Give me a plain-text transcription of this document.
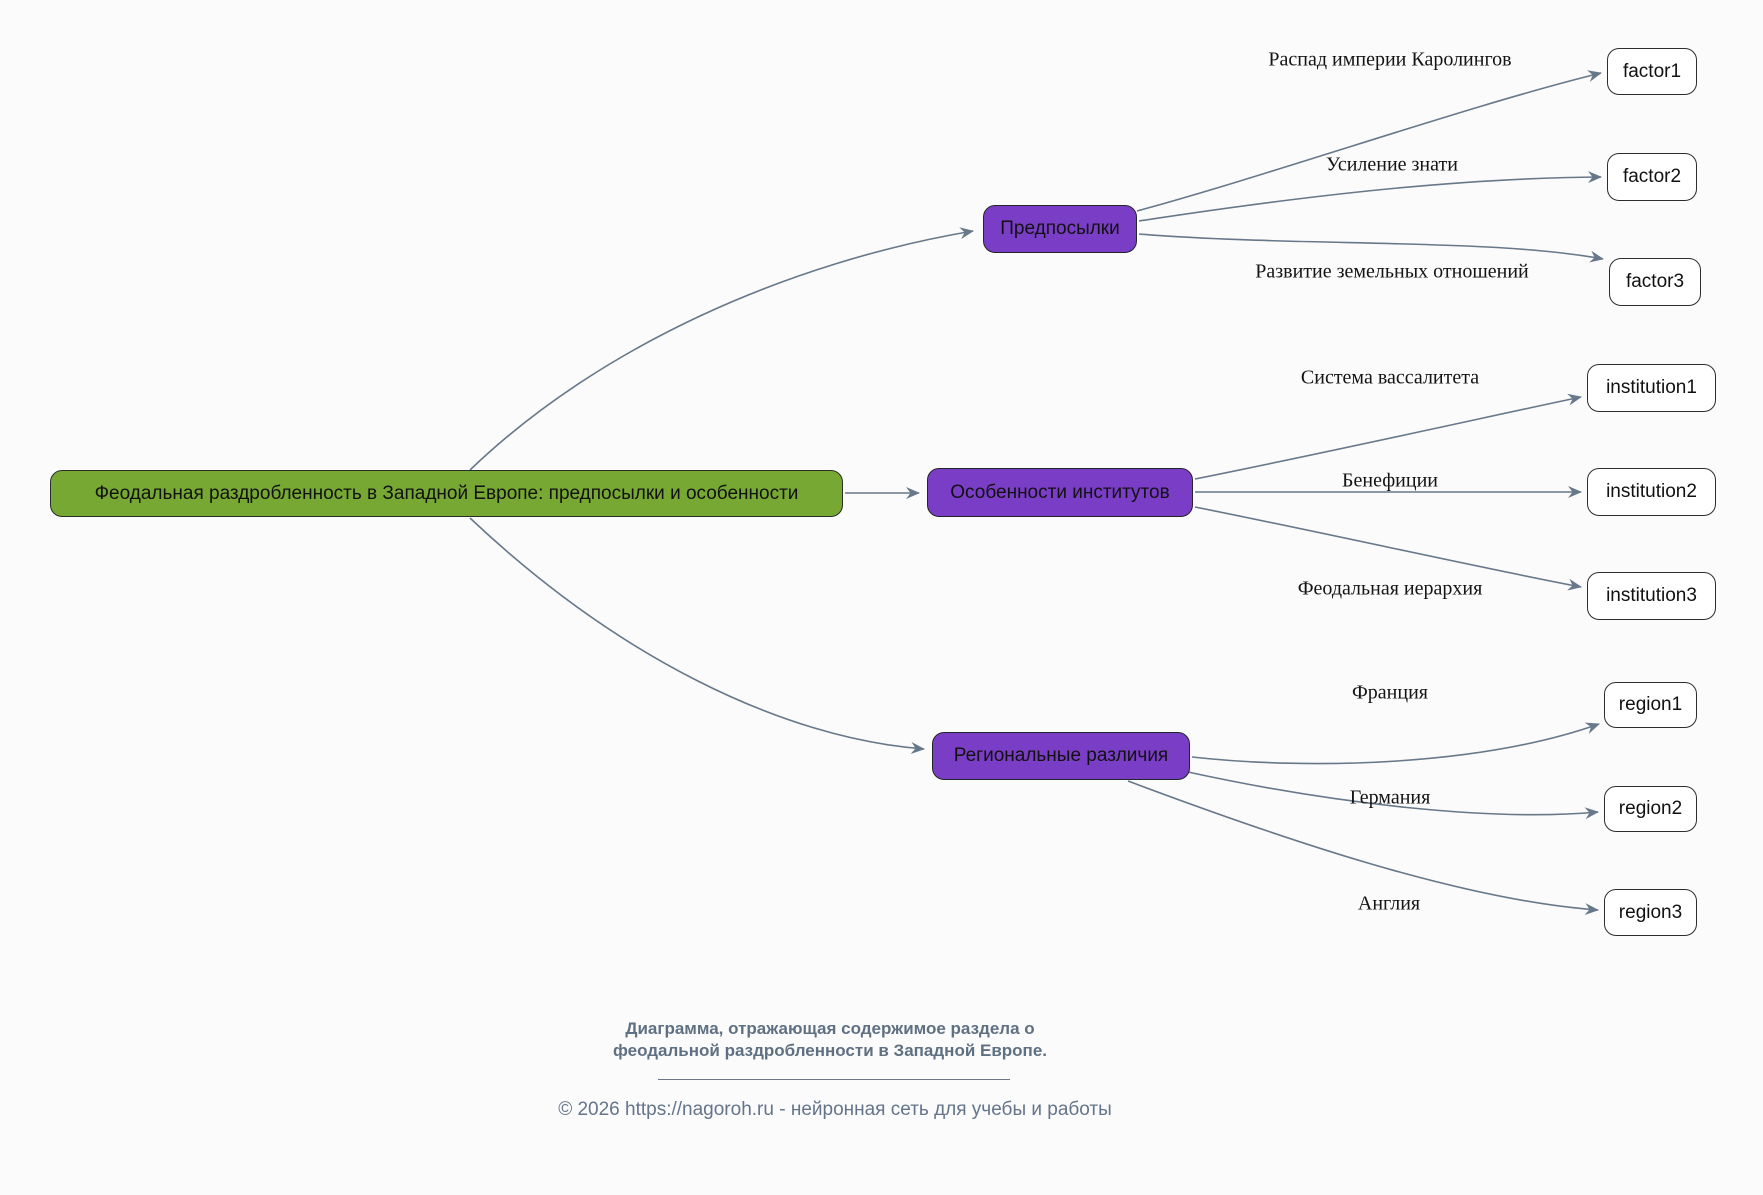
Феодальная раздробленность в Западной Европе: предпосылки и особенности
Предпосылки
Особенности институтов
Региональные различия
factor1
factor2
factor3
institution1
institution2
institution3
region1
region2
region3
Распад империи Каролингов
Усиление знати
Развитие земельных отношений
Система вассалитета
Бенефиции
Феодальная иерархия
Франция
Германия
Англия
Диаграмма, отражающая содержимое раздела о
феодальной раздробленности в Западной Европе.
© 2026 https://nagoroh.ru - нейронная сеть для учебы и работы
